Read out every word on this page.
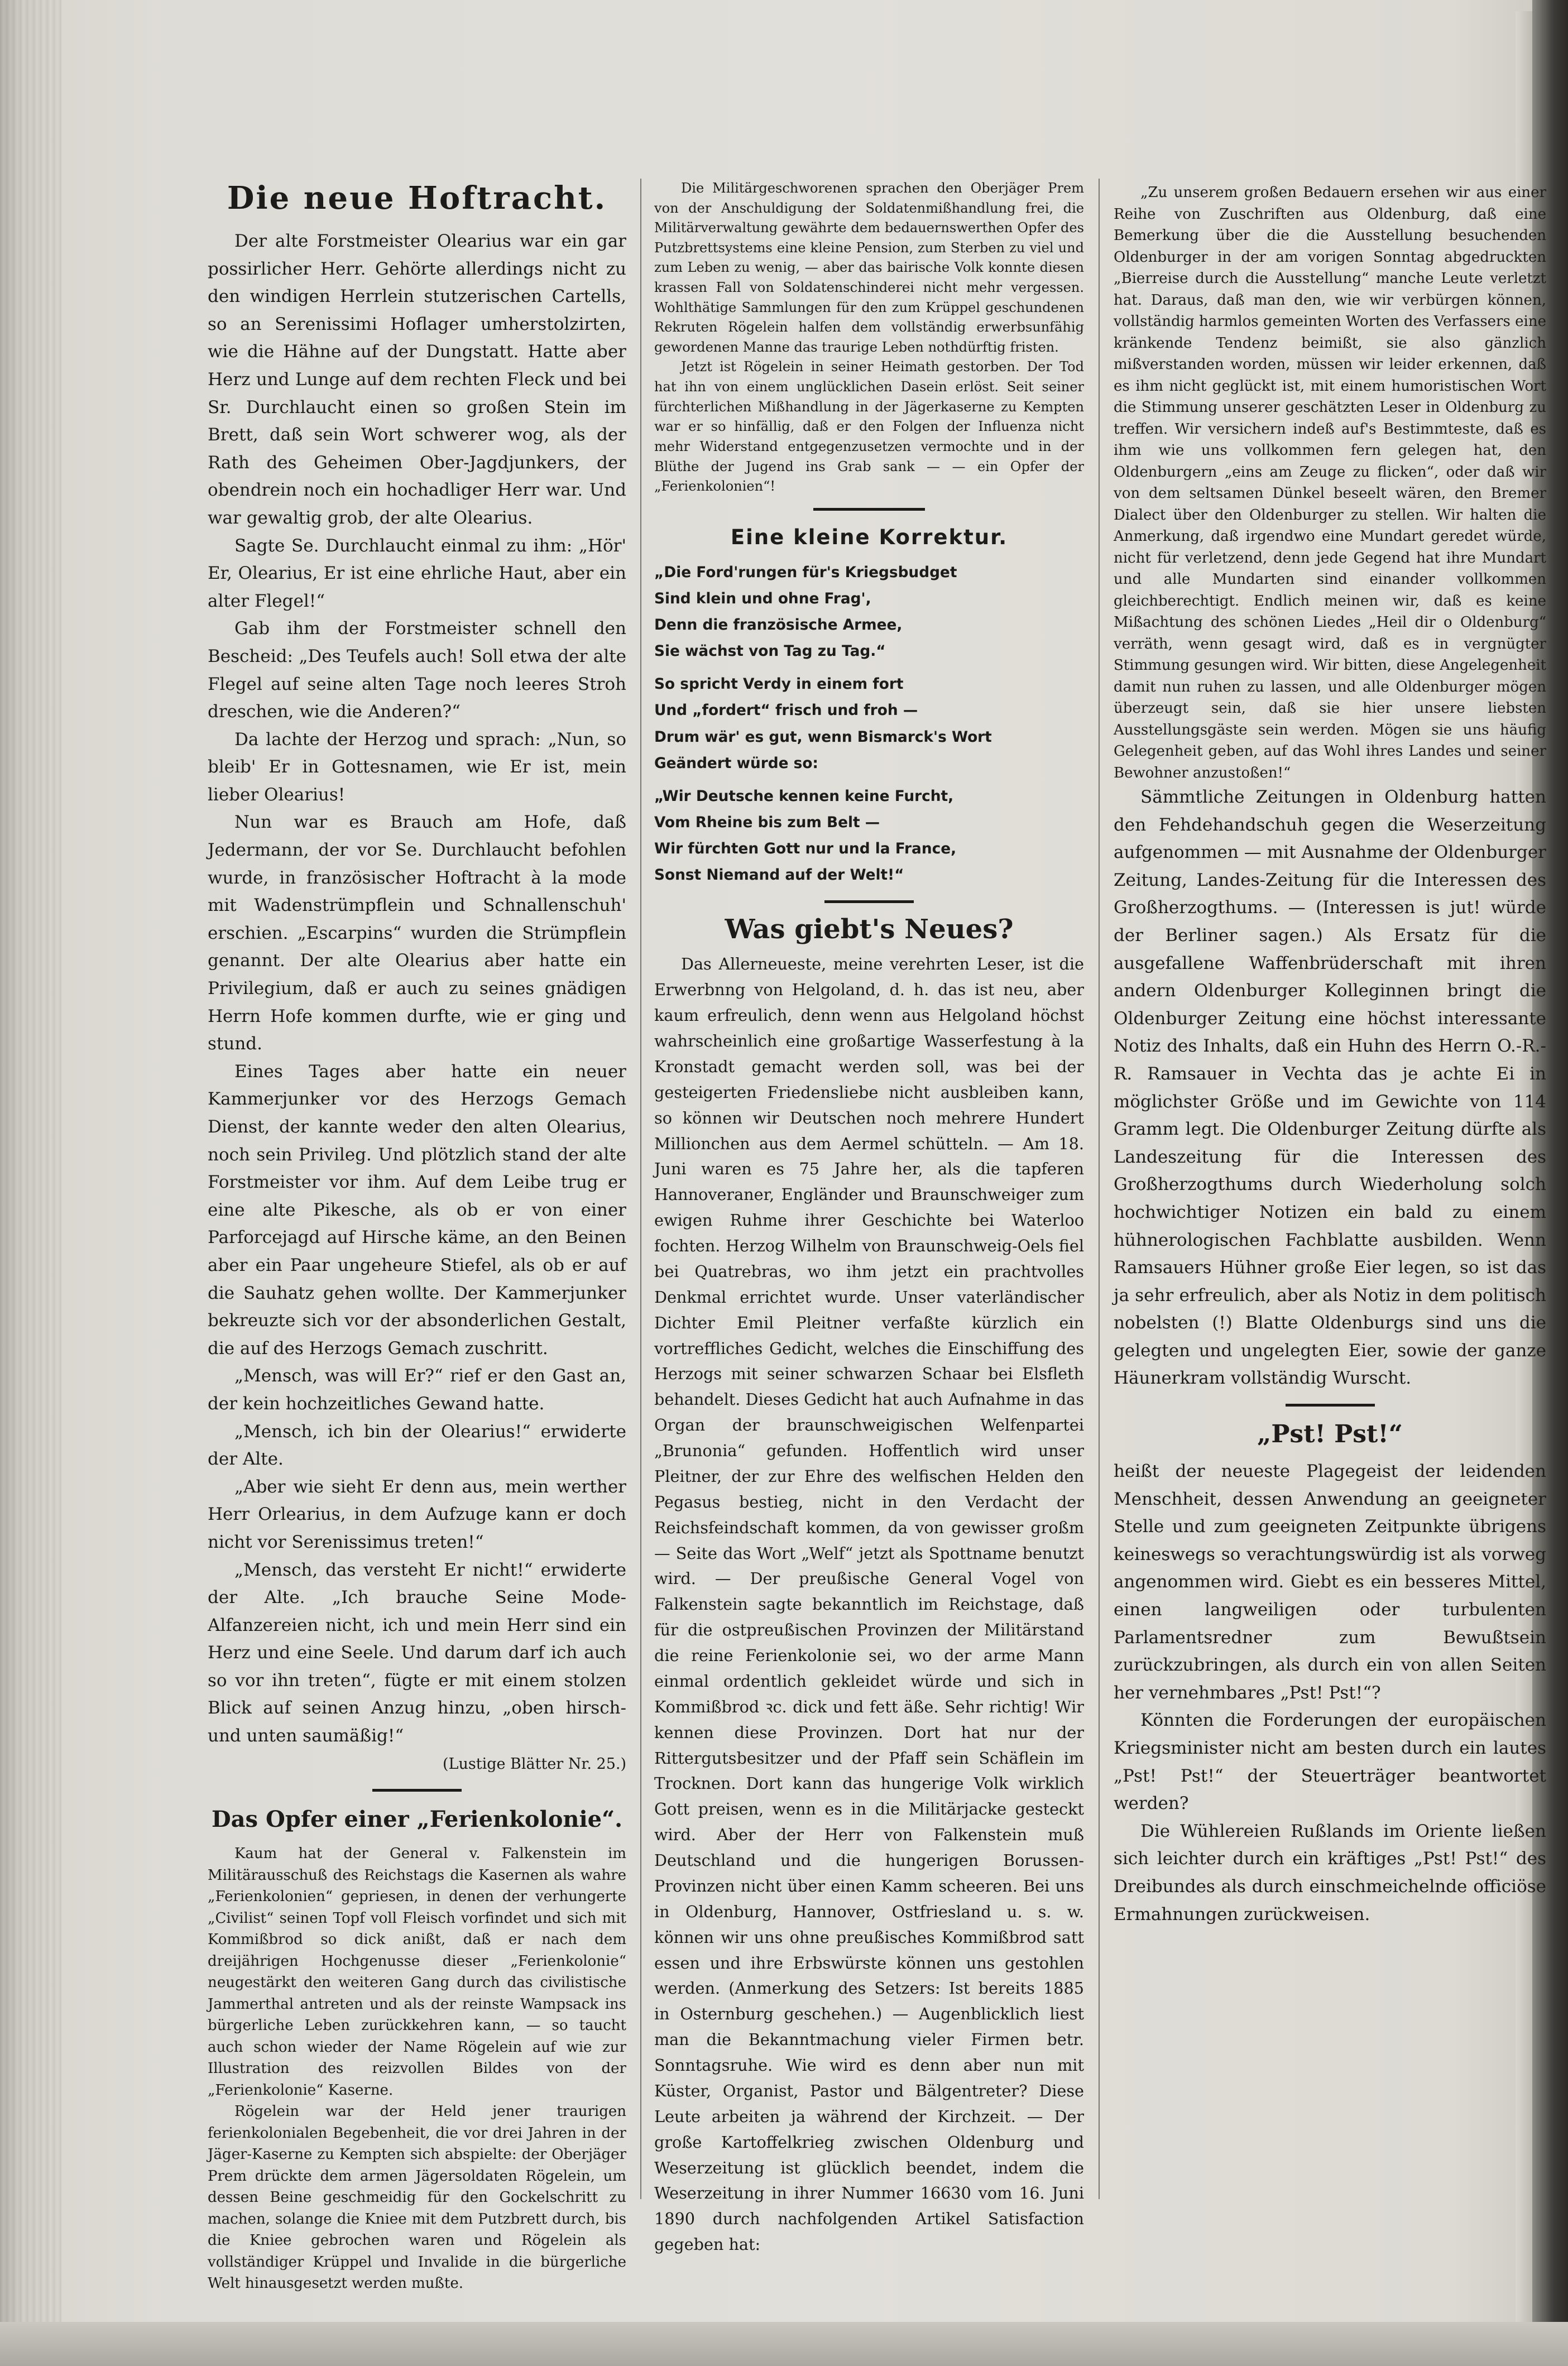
Die neue Hoftracht.

Der alte Forstmeister Olearius war ein gar possirlicher Herr. Gehörte allerdings nicht zu den windigen Herrlein stutzerischen Cartells, so an Serenissimi Hoflager umherstolzirten, wie die Hähne auf der Dungstatt. Hatte aber Herz und Lunge auf dem rechten Fleck und bei Sr. Durchlaucht einen so großen Stein im Brett, daß sein Wort schwerer wog, als der Rath des Geheimen Ober-Jagdjunkers, der obendrein noch ein hochadliger Herr war. Und war gewaltig grob, der alte Olearius.

Sagte Se. Durchlaucht einmal zu ihm: „Hör' Er, Olearius, Er ist eine ehrliche Haut, aber ein alter Flegel!“

Gab ihm der Forstmeister schnell den Bescheid: „Des Teufels auch! Soll etwa der alte Flegel auf seine alten Tage noch leeres Stroh dreschen, wie die Anderen?“

Da lachte der Herzog und sprach: „Nun, so bleib' Er in Gottesnamen, wie Er ist, mein lieber Olearius!

Nun war es Brauch am Hofe, daß Jedermann, der vor Se. Durchlaucht befohlen wurde, in französischer Hoftracht à la mode mit Wadenstrümpflein und Schnallenschuh' erschien. „Escarpins“ wurden die Strümpflein genannt. Der alte Olearius aber hatte ein Privilegium, daß er auch zu seines gnädigen Herrn Hofe kommen durfte, wie er ging und stund.

Eines Tages aber hatte ein neuer Kammerjunker vor des Herzogs Gemach Dienst, der kannte weder den alten Olearius, noch sein Privileg. Und plötzlich stand der alte Forstmeister vor ihm. Auf dem Leibe trug er eine alte Pikesche, als ob er von einer Parforcejagd auf Hirsche käme, an den Beinen aber ein Paar ungeheure Stiefel, als ob er auf die Sauhatz gehen wollte. Der Kammerjunker bekreuzte sich vor der absonderlichen Gestalt, die auf des Herzogs Gemach zuschritt.

„Mensch, was will Er?“ rief er den Gast an, der kein hochzeitliches Gewand hatte.

„Mensch, ich bin der Olearius!“ erwiderte der Alte.

„Aber wie sieht Er denn aus, mein werther Herr Orlearius, in dem Aufzuge kann er doch nicht vor Serenissimus treten!“

„Mensch, das versteht Er nicht!“ erwiderte der Alte. „Ich brauche Seine Mode-Alfanzereien nicht, ich und mein Herr sind ein Herz und eine Seele. Und darum darf ich auch so vor ihn treten“, fügte er mit einem stolzen Blick auf seinen Anzug hinzu, „oben hirsch- und unten saumäßig!“

(Lustige Blätter Nr. 25.)
Das Opfer einer „Ferienkolonie“.

Kaum hat der General v. Falkenstein im Militärausschuß des Reichstags die Kasernen als wahre „Ferienkolonien“ gepriesen, in denen der verhungerte „Civilist“ seinen Topf voll Fleisch vorfindet und sich mit Kommißbrod so dick anißt, daß er nach dem dreijährigen Hochgenusse dieser „Ferienkolonie“ neugestärkt den weiteren Gang durch das civilistische Jammerthal antreten und als der reinste Wampsack ins bürgerliche Leben zurückkehren kann, — so taucht auch schon wieder der Name Rögelein auf wie zur Illustration des reizvollen Bildes von der „Ferienkolonie“ Kaserne.

Rögelein war der Held jener traurigen ferienkolonialen Begebenheit, die vor drei Jahren in der Jäger-Kaserne zu Kempten sich abspielte: der Oberjäger Prem drückte dem armen Jägersoldaten Rögelein, um dessen Beine geschmeidig für den Gockelschritt zu machen, solange die Kniee mit dem Putzbrett durch, bis die Kniee gebrochen waren und Rögelein als vollständiger Krüppel und Invalide in die bürgerliche Welt hinausgesetzt werden mußte.

Die Militärgeschworenen sprachen den Oberjäger Prem von der Anschuldigung der Soldatenmißhandlung frei, die Militärverwaltung gewährte dem bedauernswerthen Opfer des Putzbrettsystems eine kleine Pension, zum Sterben zu viel und zum Leben zu wenig, — aber das bairische Volk konnte diesen krassen Fall von Soldatenschinderei nicht mehr vergessen. Wohlthätige Sammlungen für den zum Krüppel geschundenen Rekruten Rögelein halfen dem vollständig erwerbsunfähig gewordenen Manne das traurige Leben nothdürftig fristen.

Jetzt ist Rögelein in seiner Heimath gestorben. Der Tod hat ihn von einem unglücklichen Dasein erlöst. Seit seiner fürchterlichen Mißhandlung in der Jägerkaserne zu Kempten war er so hinfällig, daß er den Folgen der Influenza nicht mehr Widerstand entgegenzusetzen vermochte und in der Blüthe der Jugend ins Grab sank — — ein Opfer der „Ferienkolonien“!

Eine kleine Korrektur.
„Die Ford'rungen für's Kriegsbudget
Sind klein und ohne Frag',
Denn die französische Armee,
Sie wächst von Tag zu Tag.“
So spricht Verdy in einem fort
Und „fordert“ frisch und froh —
Drum wär' es gut, wenn Bismarck's Wort
Geändert würde so:
„Wir Deutsche kennen keine Furcht,
Vom Rheine bis zum Belt —
Wir fürchten Gott nur und la France,
Sonst Niemand auf der Welt!“
Was giebt's Neues?

Das Allerneueste, meine verehrten Leser, ist die Erwerbnng von Helgoland, d. h. das ist neu, aber kaum erfreulich, denn wenn aus Helgoland höchst wahrscheinlich eine großartige Wasserfestung à la Kronstadt gemacht werden soll, was bei der gesteigerten Friedensliebe nicht ausbleiben kann, so können wir Deutschen noch mehrere Hundert Millionchen aus dem Aermel schütteln. — Am 18. Juni waren es 75 Jahre her, als die tapferen Hannoveraner, Engländer und Braunschweiger zum ewigen Ruhme ihrer Geschichte bei Waterloo fochten. Herzog Wilhelm von Braunschweig-Oels fiel bei Quatrebras, wo ihm jetzt ein prachtvolles Denkmal errichtet wurde. Unser vaterländischer Dichter Emil Pleitner verfaßte kürzlich ein vortreffliches Gedicht, welches die Einschiffung des Herzogs mit seiner schwarzen Schaar bei Elsfleth behandelt. Dieses Gedicht hat auch Aufnahme in das Organ der braunschweigischen Welfenpartei „Brunonia“ gefunden. Hoffentlich wird unser Pleitner, der zur Ehre des welfischen Helden den Pegasus bestieg, nicht in den Verdacht der Reichsfeindschaft kommen, da von gewisser großm — Seite das Wort „Welf“ jetzt als Spottname benutzt wird. — Der preußische General Vogel von Falkenstein sagte bekanntlich im Reichstage, daß für die ostpreußischen Provinzen der Militärstand die reine Ferienkolonie sei, wo der arme Mann einmal ordentlich gekleidet würde und sich in Kommißbrod ꝛc. dick und fett äße. Sehr richtig! Wir kennen diese Provinzen. Dort hat nur der Rittergutsbesitzer und der Pfaff sein Schäflein im Trocknen. Dort kann das hungerige Volk wirklich Gott preisen, wenn es in die Militärjacke gesteckt wird. Aber der Herr von Falkenstein muß Deutschland und die hungerigen Borussen-Provinzen nicht über einen Kamm scheeren. Bei uns in Oldenburg, Hannover, Ostfriesland u. s. w. können wir uns ohne preußisches Kommißbrod satt essen und ihre Erbswürste können uns gestohlen werden. (Anmerkung des Setzers: Ist bereits 1885 in Osternburg geschehen.) — Augenblicklich liest man die Bekanntmachung vieler Firmen betr. Sonntagsruhe. Wie wird es denn aber nun mit Küster, Organist, Pastor und Bälgentreter? Diese Leute arbeiten ja während der Kirchzeit. — Der große Kartoffelkrieg zwischen Oldenburg und Weserzeitung ist glücklich beendet, indem die Weserzeitung in ihrer Nummer 16630 vom 16. Juni 1890 durch nachfolgenden Artikel Satisfaction gegeben hat:

„Zu unserem großen Bedauern ersehen wir aus einer Reihe von Zuschriften aus Oldenburg, daß eine Bemerkung über die die Ausstellung besuchenden Oldenburger in der am vorigen Sonntag abgedruckten „Bierreise durch die Ausstellung“ manche Leute verletzt hat. Daraus, daß man den, wie wir verbürgen können, vollständig harmlos gemeinten Worten des Verfassers eine kränkende Tendenz beimißt, sie also gänzlich mißverstanden worden, müssen wir leider erkennen, daß es ihm nicht geglückt ist, mit einem humoristischen Wort die Stimmung unserer geschätzten Leser in Oldenburg zu treffen. Wir versichern indeß auf's Bestimmteste, daß es ihm wie uns vollkommen fern gelegen hat, den Oldenburgern „eins am Zeuge zu flicken“, oder daß wir von dem seltsamen Dünkel beseelt wären, den Bremer Dialect über den Oldenburger zu stellen. Wir halten die Anmerkung, daß irgendwo eine Mundart geredet würde, nicht für verletzend, denn jede Gegend hat ihre Mundart und alle Mundarten sind einander vollkommen gleichberechtigt. Endlich meinen wir, daß es keine Mißachtung des schönen Liedes „Heil dir o Oldenburg“ verräth, wenn gesagt wird, daß es in vergnügter Stimmung gesungen wird. Wir bitten, diese Angelegenheit damit nun ruhen zu lassen, und alle Oldenburger mögen überzeugt sein, daß sie hier unsere liebsten Ausstellungsgäste sein werden. Mögen sie uns häufig Gelegenheit geben, auf das Wohl ihres Landes und seiner Bewohner anzustoßen!“

Sämmtliche Zeitungen in Oldenburg hatten den Fehdehandschuh gegen die Weserzeitung aufgenommen — mit Ausnahme der Oldenburger Zeitung, Landes-Zeitung für die Interessen des Großherzogthums. — (Interessen is jut! würde der Berliner sagen.) Als Ersatz für die ausgefallene Waffenbrüderschaft mit ihren andern Oldenburger Kolleginnen bringt die Oldenburger Zeitung eine höchst interessante Notiz des Inhalts, daß ein Huhn des Herrn O.-R.-R. Ramsauer in Vechta das je achte Ei in möglichster Größe und im Gewichte von 114 Gramm legt. Die Oldenburger Zeitung dürfte als Landeszeitung für die Interessen des Großherzogthums durch Wiederholung solch hochwichtiger Notizen ein bald zu einem hühnerologischen Fachblatte ausbilden. Wenn Ramsauers Hühner große Eier legen, so ist das ja sehr erfreulich, aber als Notiz in dem politisch nobelsten (!) Blatte Oldenburgs sind uns die gelegten und ungelegten Eier, sowie der ganze Häunerkram vollständig Wurscht.

„Pst! Pst!“

heißt der neueste Plagegeist der leidenden Menschheit, dessen Anwendung an geeigneter Stelle und zum geeigneten Zeitpunkte übrigens keineswegs so verachtungswürdig ist als vorweg angenommen wird. Giebt es ein besseres Mittel, einen langweiligen oder turbulenten Parlamentsredner zum Bewußtsein zurückzubringen, als durch ein von allen Seiten her vernehmbares „Pst! Pst!“?

Könnten die Forderungen der europäischen Kriegsminister nicht am besten durch ein lautes „Pst! Pst!“ der Steuerträger beantwortet werden?

Die Wühlereien Rußlands im Oriente ließen sich leichter durch ein kräftiges „Pst! Pst!“ des Dreibundes als durch einschmeichelnde officiöse Ermahnungen zurückweisen.
